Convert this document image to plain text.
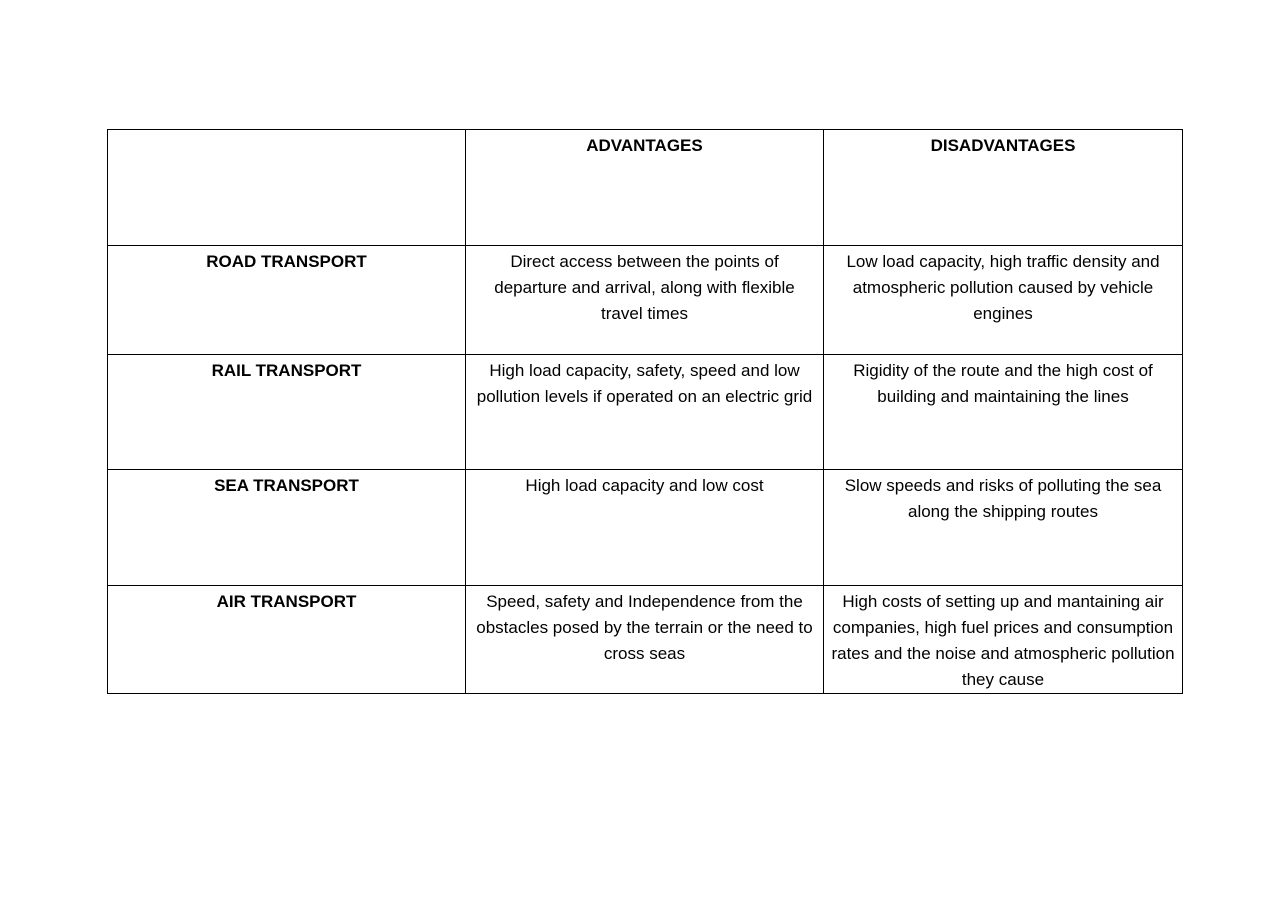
	ADVANTAGES	DISADVANTAGES
ROAD TRANSPORT	Direct access between the points of departure and arrival, along with flexible travel times	Low load capacity, high traffic density and atmospheric pollution caused by vehicle engines
RAIL TRANSPORT	High load capacity, safety, speed and low pollution levels if operated on an electric grid	Rigidity of the route and the high cost of building and maintaining the lines
SEA TRANSPORT	High load capacity and low cost	Slow speeds and risks of polluting the sea along the shipping routes
AIR TRANSPORT	Speed, safety and Independence from the obstacles posed by the terrain or the need to cross seas	High costs of setting up and mantaining air companies, high fuel prices and consumption rates and the noise and atmospheric pollution they cause
